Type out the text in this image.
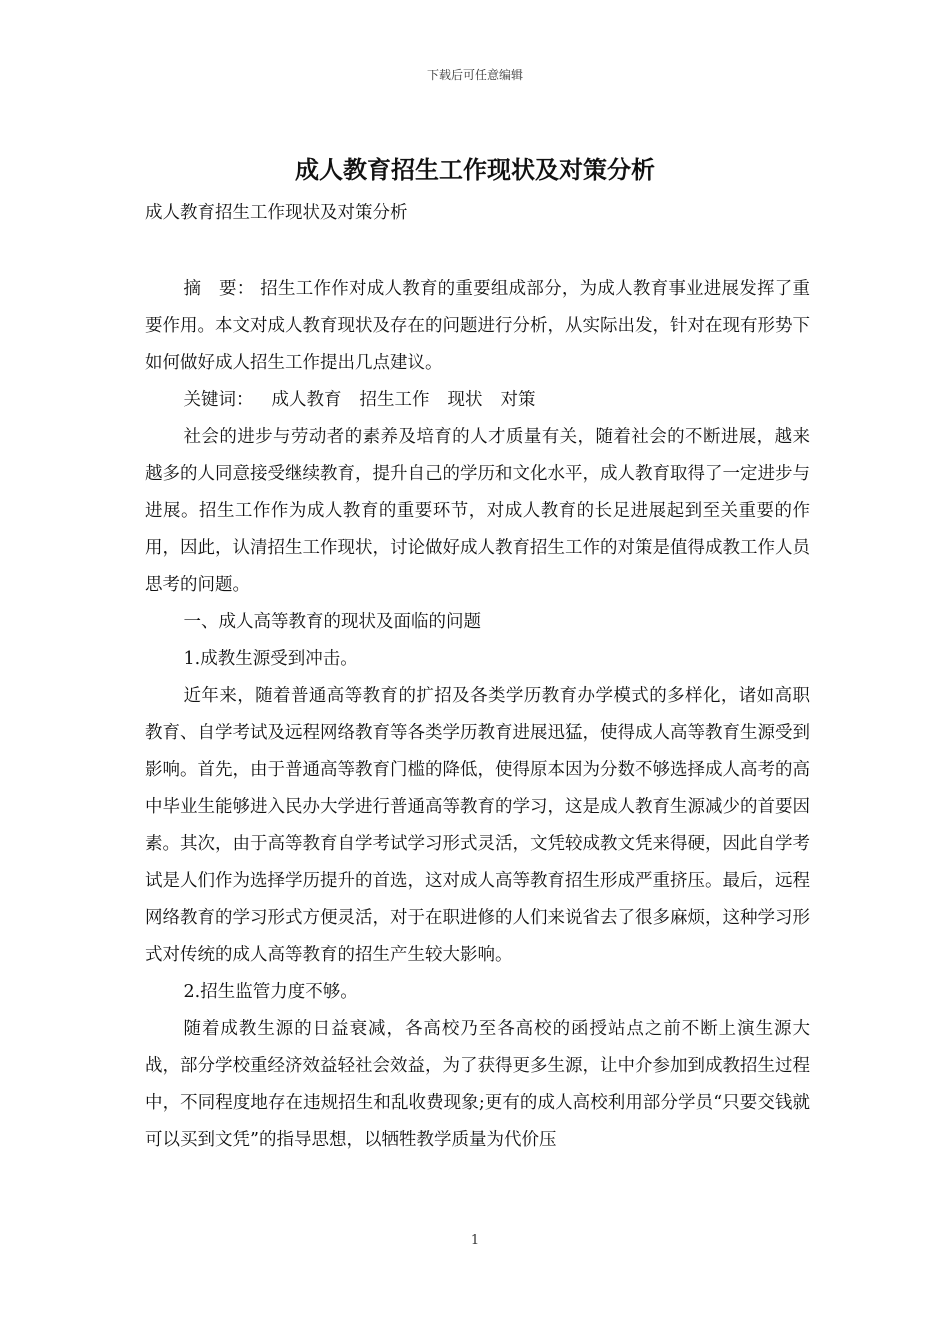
下载后可任意编辑
成人教育招生工作现状及对策分析

成人教育招生工作现状及对策分析

摘　要： 招生工作作对成人教育的重要组成部分，为成人教育事业进展发挥了重要作用。本文对成人教育现状及存在的问题进行分析，从实际出发，针对在现有形势下如何做好成人招生工作提出几点建议。

关键词： 成人教育 招生工作 现状 对策

社会的进步与劳动者的素养及培育的人才质量有关，随着社会的不断进展，越来越多的人同意接受继续教育，提升自己的学历和文化水平，成人教育取得了一定进步与进展。招生工作作为成人教育的重要环节，对成人教育的长足进展起到至关重要的作用，因此，认清招生工作现状，讨论做好成人教育招生工作的对策是值得成教工作人员思考的问题。

一、成人高等教育的现状及面临的问题

1.成教生源受到冲击。

近年来，随着普通高等教育的扩招及各类学历教育办学模式的多样化，诸如高职教育、自学考试及远程网络教育等各类学历教育进展迅猛，使得成人高等教育生源受到影响。首先，由于普通高等教育门槛的降低，使得原本因为分数不够选择成人高考的高中毕业生能够进入民办大学进行普通高等教育的学习，这是成人教育生源减少的首要因素。其次，由于高等教育自学考试学习形式灵活，文凭较成教文凭来得硬，因此自学考试是人们作为选择学历提升的首选，这对成人高等教育招生形成严重挤压。最后，远程网络教育的学习形式方便灵活，对于在职进修的人们来说省去了很多麻烦，这种学习形式对传统的成人高等教育的招生产生较大影响。

2.招生监管力度不够。

随着成教生源的日益衰减，各高校乃至各高校的函授站点之前不断上演生源大战，部分学校重经济效益轻社会效益，为了获得更多生源，让中介参加到成教招生过程中，不同程度地存在违规招生和乱收费现象;更有的成人高校利用部分学员“只要交钱就可以买到文凭”的指导思想，以牺牲教学质量为代价压

1
